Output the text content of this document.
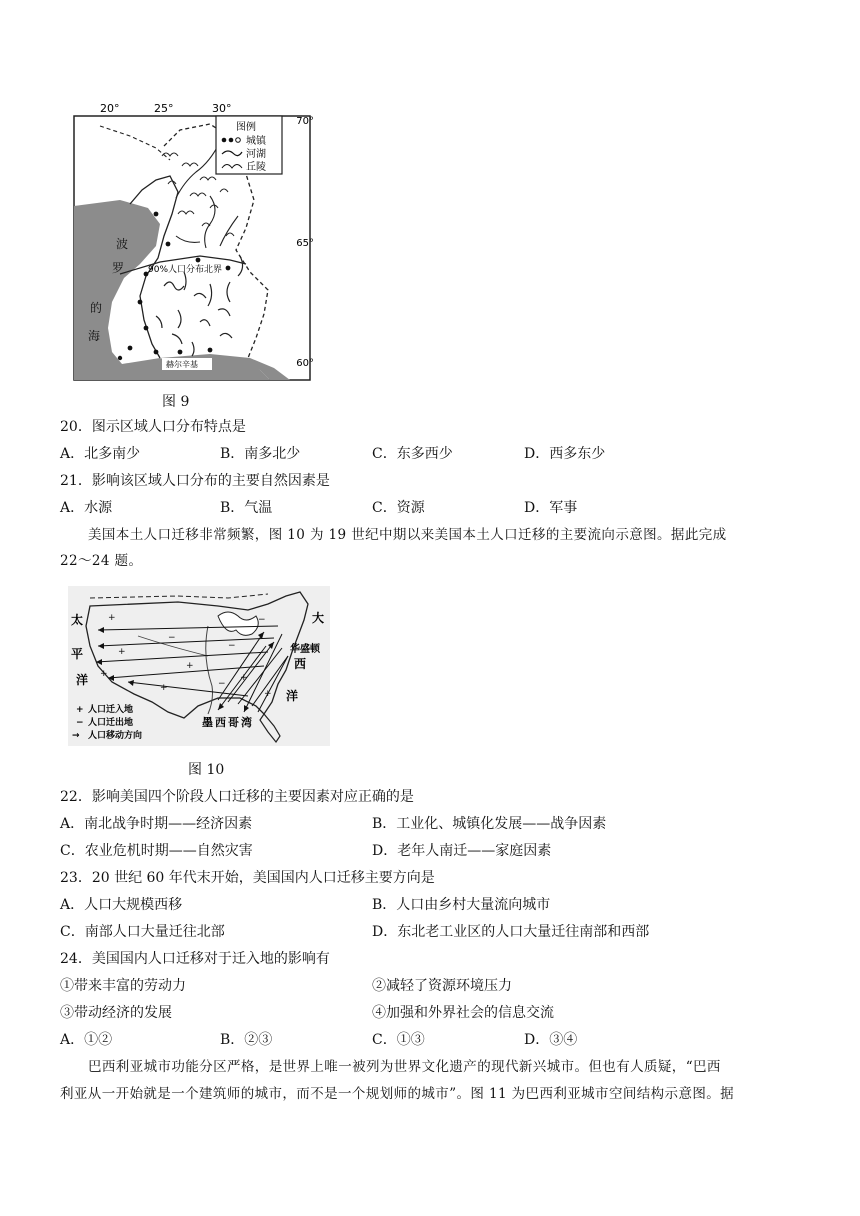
20°	25°	30°
70°
65°
60°
90%人口分布北界
波
罗
的
海
赫尔辛基
图例
城镇
河湖
丘陵
图 9
20．图示区域人口分布特点是
A．北多南少	B．南多北少	C．东多西少	D．西多东少
21．影响该区域人口分布的主要自然因素是
A．水源	B．气温	C．资源	D．军事
美国本土人口迁移非常频繁，图 10 为 19 世纪中期以来美国本土人口迁移的主要流向示意图。据此完成
22～24 题。
+
+
+
−
+
−
−
+
+
−
+
太
平
洋
大
西
洋
华盛顿
墨西哥湾
+ 人口迁入地
− 人口迁出地
→ 人口移动方向
图 10
22．影响美国四个阶段人口迁移的主要因素对应正确的是
A．南北战争时期——经济因素	B．工业化、城镇化发展——战争因素
C．农业危机时期——自然灾害	D．老年人南迁——家庭因素
23．20 世纪 60 年代末开始，美国国内人口迁移主要方向是
A．人口大规模西移	B．人口由乡村大量流向城市
C．南部人口大量迁往北部	D．东北老工业区的人口大量迁往南部和西部
24．美国国内人口迁移对于迁入地的影响有
①带来丰富的劳动力	②减轻了资源环境压力
③带动经济的发展	④加强和外界社会的信息交流
A．①②	B．②③	C．①③	D．③④
巴西利亚城市功能分区严格，是世界上唯一被列为世界文化遗产的现代新兴城市。但也有人质疑，“巴西
利亚从一开始就是一个建筑师的城市，而不是一个规划师的城市”。图 11 为巴西利亚城市空间结构示意图。据
